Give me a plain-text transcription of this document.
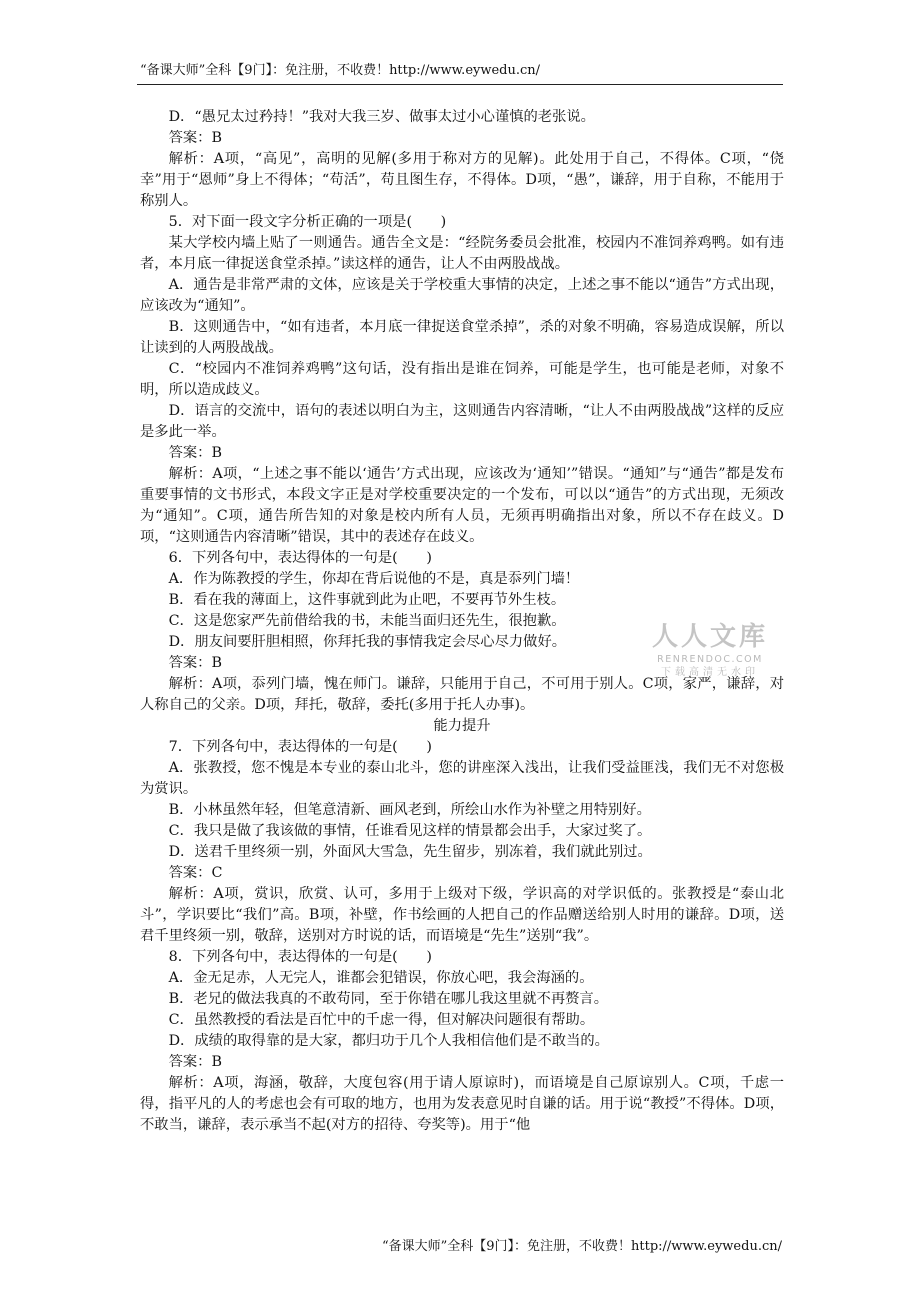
“备课大师”全科【9门】：免注册，不收费！http://www.eywedu.cn/

D．“愚兄太过矜持！”我对大我三岁、做事太过小心谨慎的老张说。

答案：B

解析：A项，“高见”，高明的见解(多用于称对方的见解)。此处用于自己，不得体。C项，“侥幸”用于“恩师”身上不得体；“苟活”，苟且图生存，不得体。D项，“愚”，谦辞，用于自称，不能用于称别人。

5．对下面一段文字分析正确的一项是(　　)

某大学校内墙上贴了一则通告。通告全文是：“经院务委员会批准，校园内不准饲养鸡鸭。如有违者，本月底一律捉送食堂杀掉。”读这样的通告，让人不由两股战战。

A．通告是非常严肃的文体，应该是关于学校重大事情的决定，上述之事不能以“通告”方式出现，应该改为“通知”。

B．这则通告中，“如有违者，本月底一律捉送食堂杀掉”，杀的对象不明确，容易造成误解，所以让读到的人两股战战。

C．“校园内不准饲养鸡鸭”这句话，没有指出是谁在饲养，可能是学生，也可能是老师，对象不明，所以造成歧义。

D．语言的交流中，语句的表述以明白为主，这则通告内容清晰，“让人不由两股战战”这样的反应是多此一举。

答案：B

解析：A项，“上述之事不能以‘通告’方式出现，应该改为‘通知’”错误。“通知”与“通告”都是发布重要事情的文书形式，本段文字正是对学校重要决定的一个发布，可以以“通告”的方式出现，无须改为“通知”。C项，通告所告知的对象是校内所有人员，无须再明确指出对象，所以不存在歧义。D项，“这则通告内容清晰”错误，其中的表述存在歧义。

6．下列各句中，表达得体的一句是(　　)

A．作为陈教授的学生，你却在背后说他的不是，真是忝列门墙！

B．看在我的薄面上，这件事就到此为止吧，不要再节外生枝。

C．这是您家严先前借给我的书，未能当面归还先生，很抱歉。

D．朋友间要肝胆相照，你拜托我的事情我定会尽心尽力做好。

答案：B

解析：A项，忝列门墙，愧在师门。谦辞，只能用于自己，不可用于别人。C项，家严，谦辞，对人称自己的父亲。D项，拜托，敬辞，委托(多用于托人办事)。

能力提升

7．下列各句中，表达得体的一句是(　　)

A．张教授，您不愧是本专业的泰山北斗，您的讲座深入浅出，让我们受益匪浅，我们无不对您极为赏识。

B．小林虽然年轻，但笔意清新、画风老到，所绘山水作为补壁之用特别好。

C．我只是做了我该做的事情，任谁看见这样的情景都会出手，大家过奖了。

D．送君千里终须一别，外面风大雪急，先生留步，别冻着，我们就此别过。

答案：C

解析：A项，赏识，欣赏、认可，多用于上级对下级，学识高的对学识低的。张教授是“泰山北斗”，学识要比“我们”高。B项，补壁，作书绘画的人把自己的作品赠送给别人时用的谦辞。D项，送君千里终须一别，敬辞，送别对方时说的话，而语境是“先生”送别“我”。

8．下列各句中，表达得体的一句是(　　)

A．金无足赤，人无完人，谁都会犯错误，你放心吧，我会海涵的。

B．老兄的做法我真的不敢苟同，至于你错在哪儿我这里就不再赘言。

C．虽然教授的看法是百忙中的千虑一得，但对解决问题很有帮助。

D．成绩的取得靠的是大家，都归功于几个人我相信他们是不敢当的。

答案：B

解析：A项，海涵，敬辞，大度包容(用于请人原谅时)，而语境是自己原谅别人。C项，千虑一得，指平凡的人的考虑也会有可取的地方，也用为发表意见时自谦的话。用于说“教授”不得体。D项，不敢当，谦辞，表示承当不起(对方的招待、夸奖等)。用于“他

人人文库
RENRENDOC.COM
下载高清无水印
“备课大师”全科【9门】：免注册，不收费！http://www.eywedu.cn/
